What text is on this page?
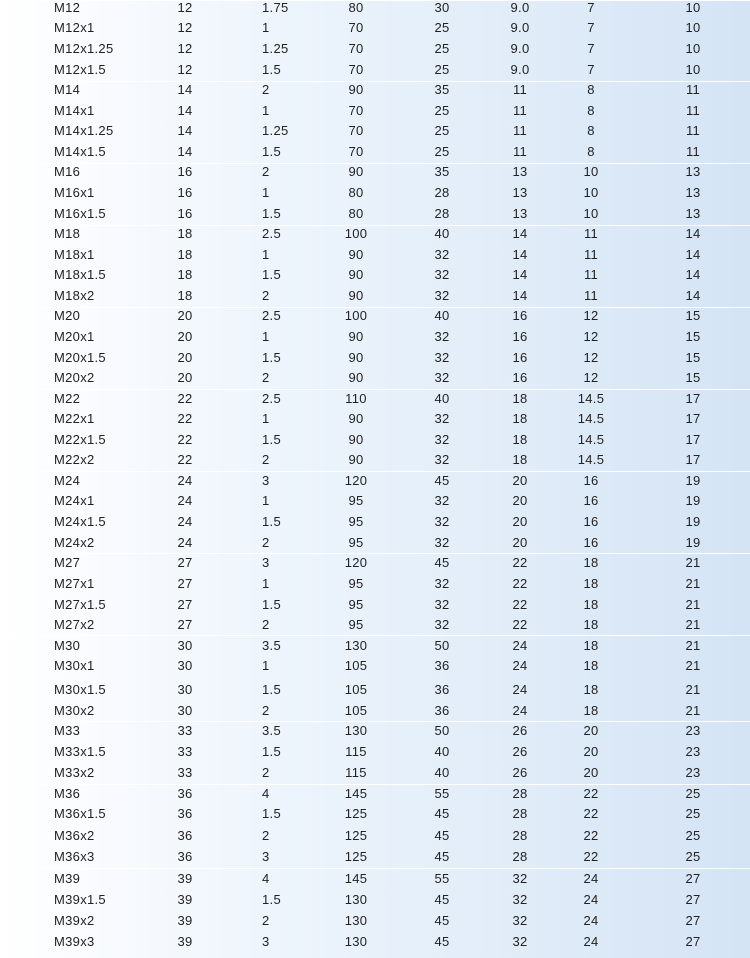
M12	12	1.75	80	30	9.0	7	10
M12x1	12	1	70	25	9.0	7	10
M12x1.25	12	1.25	70	25	9.0	7	10
M12x1.5	12	1.5	70	25	9.0	7	10
M14	14	2	90	35	11	8	11
M14x1	14	1	70	25	11	8	11
M14x1.25	14	1.25	70	25	11	8	11
M14x1.5	14	1.5	70	25	11	8	11
M16	16	2	90	35	13	10	13
M16x1	16	1	80	28	13	10	13
M16x1.5	16	1.5	80	28	13	10	13
M18	18	2.5	100	40	14	11	14
M18x1	18	1	90	32	14	11	14
M18x1.5	18	1.5	90	32	14	11	14
M18x2	18	2	90	32	14	11	14
M20	20	2.5	100	40	16	12	15
M20x1	20	1	90	32	16	12	15
M20x1.5	20	1.5	90	32	16	12	15
M20x2	20	2	90	32	16	12	15
M22	22	2.5	110	40	18	14.5	17
M22x1	22	1	90	32	18	14.5	17
M22x1.5	22	1.5	90	32	18	14.5	17
M22x2	22	2	90	32	18	14.5	17
M24	24	3	120	45	20	16	19
M24x1	24	1	95	32	20	16	19
M24x1.5	24	1.5	95	32	20	16	19
M24x2	24	2	95	32	20	16	19
M27	27	3	120	45	22	18	21
M27x1	27	1	95	32	22	18	21
M27x1.5	27	1.5	95	32	22	18	21
M27x2	27	2	95	32	22	18	21
M30	30	3.5	130	50	24	18	21
M30x1	30	1	105	36	24	18	21
M30x1.5	30	1.5	105	36	24	18	21
M30x2	30	2	105	36	24	18	21
M33	33	3.5	130	50	26	20	23
M33x1.5	33	1.5	115	40	26	20	23
M33x2	33	2	115	40	26	20	23
M36	36	4	145	55	28	22	25
M36x1.5	36	1.5	125	45	28	22	25
M36x2	36	2	125	45	28	22	25
M36x3	36	3	125	45	28	22	25
M39	39	4	145	55	32	24	27
M39x1.5	39	1.5	130	45	32	24	27
M39x2	39	2	130	45	32	24	27
M39x3	39	3	130	45	32	24	27
